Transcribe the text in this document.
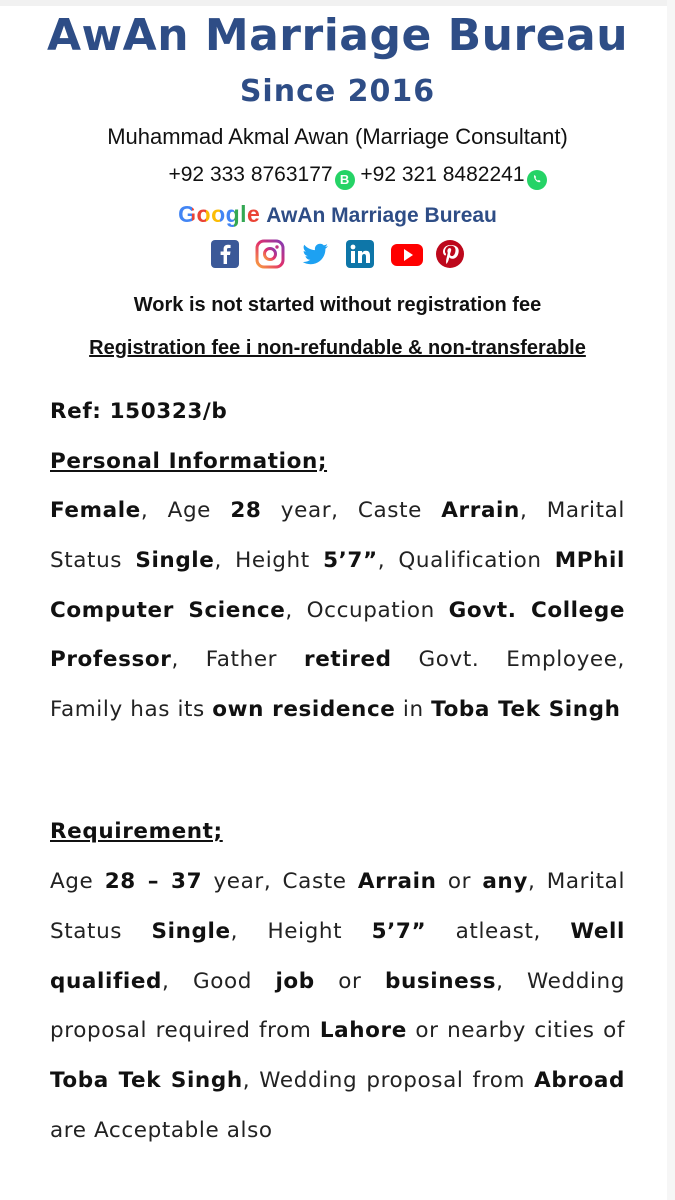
AwAn Marriage Bureau
Since 2016
Muhammad Akmal Awan (Marriage Consultant)
+92 333 8763177 B +92 321 8482241
Google AwAn Marriage Bureau

Work is not started without registration fee
Registration fee i non-refundable & non-transferable
Ref: 150323/b
Personal Information;
Female, Age 28 year, Caste Arrain, Marital Status Single, Height 5’7”, Qualification MPhil Computer Science, Occupation Govt. College Professor, Father retired Govt. Employee, Family has its own residence in Toba Tek Singh
Requirement;
Age 28 – 37 year, Caste Arrain or any, Marital Status Single, Height 5’7” atleast, Well qualified, Good job or business, Wedding proposal required from Lahore or nearby cities of Toba Tek Singh, Wedding proposal from Abroad are Acceptable also
